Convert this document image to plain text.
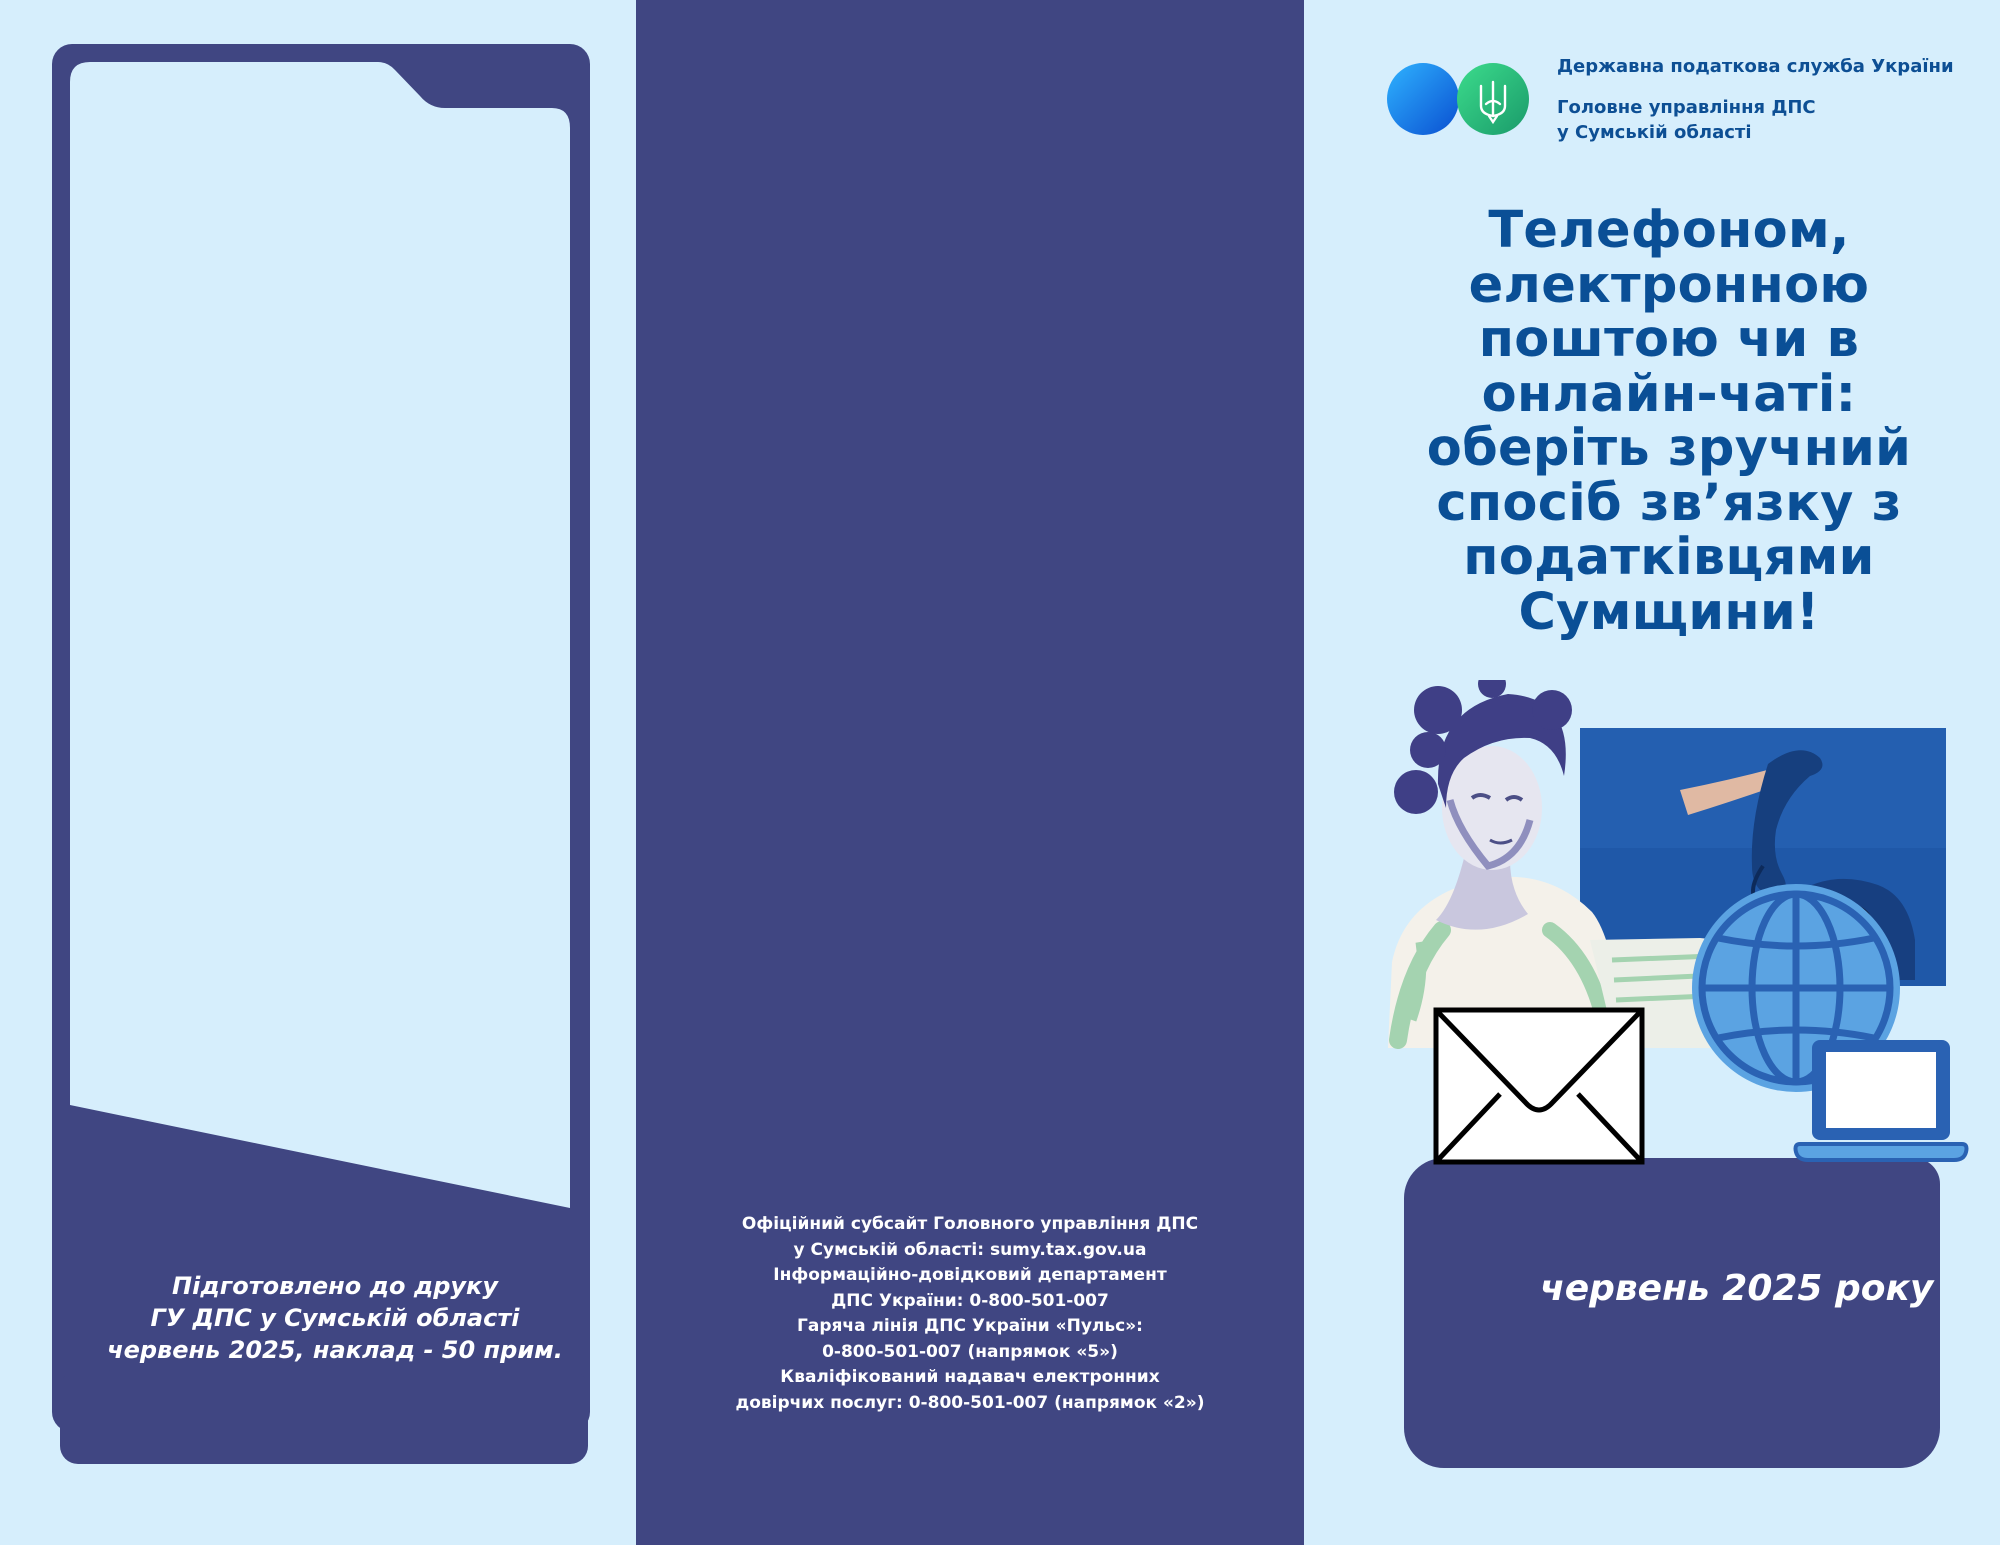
Підготовлено до друку
ГУ ДПС у Сумській області
червень 2025, наклад - 50 прим.
Офіційний субсайт Головного управління ДПС
у Сумській області: sumy.tax.gov.ua
Інформаційно-довідковий департамент
ДПС України: 0-800-501-007
Гаряча лінія ДПС України «Пульс»:
0-800-501-007 (напрямок «5»)
Кваліфікований надавач електронних
довірчих послуг: 0-800-501-007 (напрямок «2»)
Державна податкова служба України
Головне управління ДПС
у Сумській області
Телефоном,
електронною
поштою чи в
онлайн-чаті:
оберіть зручний
спосіб зв’язку з
податківцями
Сумщини!
червень 2025 року
